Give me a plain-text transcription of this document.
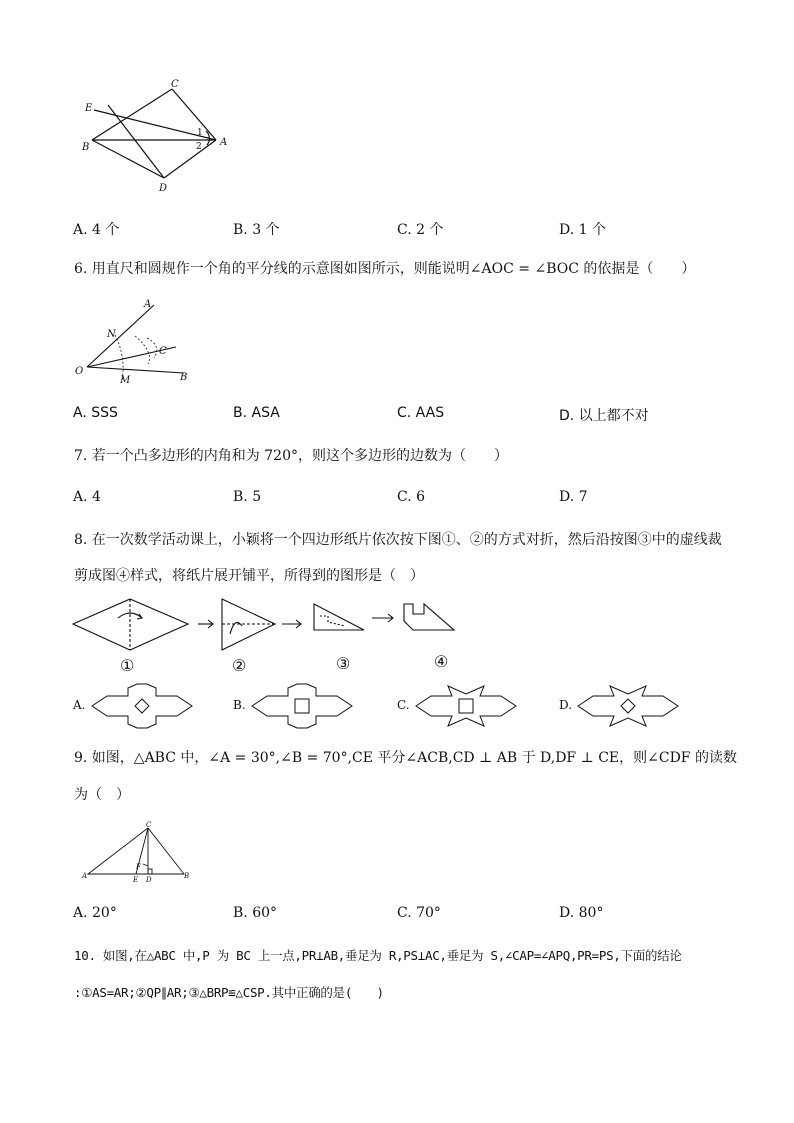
C
E
B	A
D
1
2
A. 4 个	B. 3 个	C. 2 个	D. 1 个
6. 用直尺和圆规作一个角的平分线的示意图如图所示，则能说明∠AOC = ∠BOC 的依据是（　　）
A
N
C
O
M	B
A. SSS	B. ASA	C. AAS	D. 以上都不对
7. 若一个凸多边形的内角和为 720°，则这个多边形的边数为（　　）
A. 4	B. 5	C. 6	D. 7
8. 在一次数学活动课上，小颖将一个四边形纸片依次按下图①、②的方式对折，然后沿按图③中的虚线裁
剪成图④样式，将纸片展开铺平，所得到的图形是（　）
①	②	③	④
A.	B.	C.	D.
9. 如图，△ABC 中，∠A = 30°,∠B = 70°,CE 平分∠ACB,CD ⊥ AB 于 D,DF ⊥ CE，则∠CDF 的读数
为（　）
C
A	B
F
E D
A. 20°	B. 60°	C. 70°	D. 80°
10. 如图,在△ABC 中,P 为 BC 上一点,PR⊥AB,垂足为 R,PS⊥AC,垂足为 S,∠CAP=∠APQ,PR=PS,下面的结论
:①AS=AR;②QP∥AR;③△BRP≌△CSP.其中正确的是(　　)
